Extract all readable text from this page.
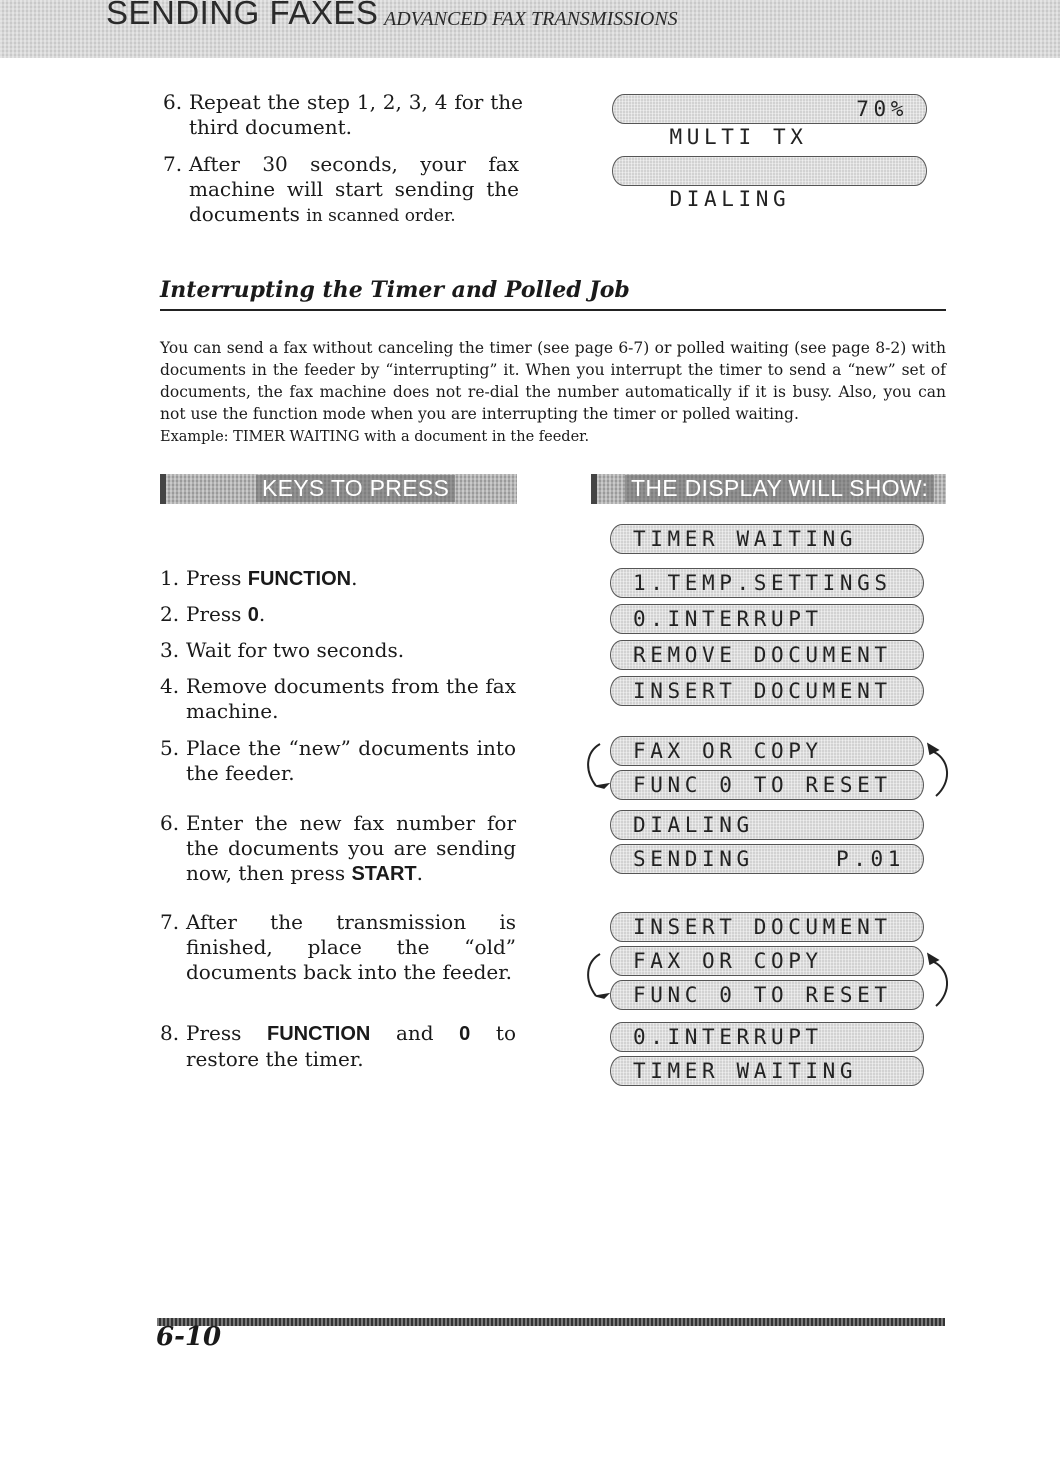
SENDING FAXES ADVANCED FAX TRANSMISSIONS
6. Repeat the step 1, 2, 3, 4 for the third document.
7. After 30 seconds, your fax machine will start sending the documents in scanned order.

MULTI TX
70%

DIALING

Interrupting the Timer and Polled Job
You can send a fax without canceling the timer (see page 6-7) or polled waiting (see page 8-2) with documents in the feeder by “interrupting” it. When you interrupt the timer to send a “new” set of documents, the fax machine does not re-dial the number automatically if it is busy. Also, you can not use the function mode when you are interrupting the timer or polled waiting.
Example: TIMER WAITING with a document in the feeder.
KEYS TO PRESS	THE DISPLAY WILL SHOW:
1. Press FUNCTION.
2. Press 0.
3. Wait for two seconds.
4. Remove documents from the fax machine.
5. Place the “new” documents into the feeder.
6. Enter the new fax number for the documents you are sending now, then press START.
7. After the transmission is finished, place the “old” documents back into the feeder.
8. Press FUNCTION and 0 to restore the timer.
TIMER WAITING
1.TEMP.SETTINGS
0.INTERRUPT
REMOVE DOCUMENT
INSERT DOCUMENT
FAX OR COPY
FUNC 0 TO RESET
DIALING
SENDING	P.01
INSERT DOCUMENT
FAX OR COPY
FUNC 0 TO RESET
0.INTERRUPT
TIMER WAITING
6-10
